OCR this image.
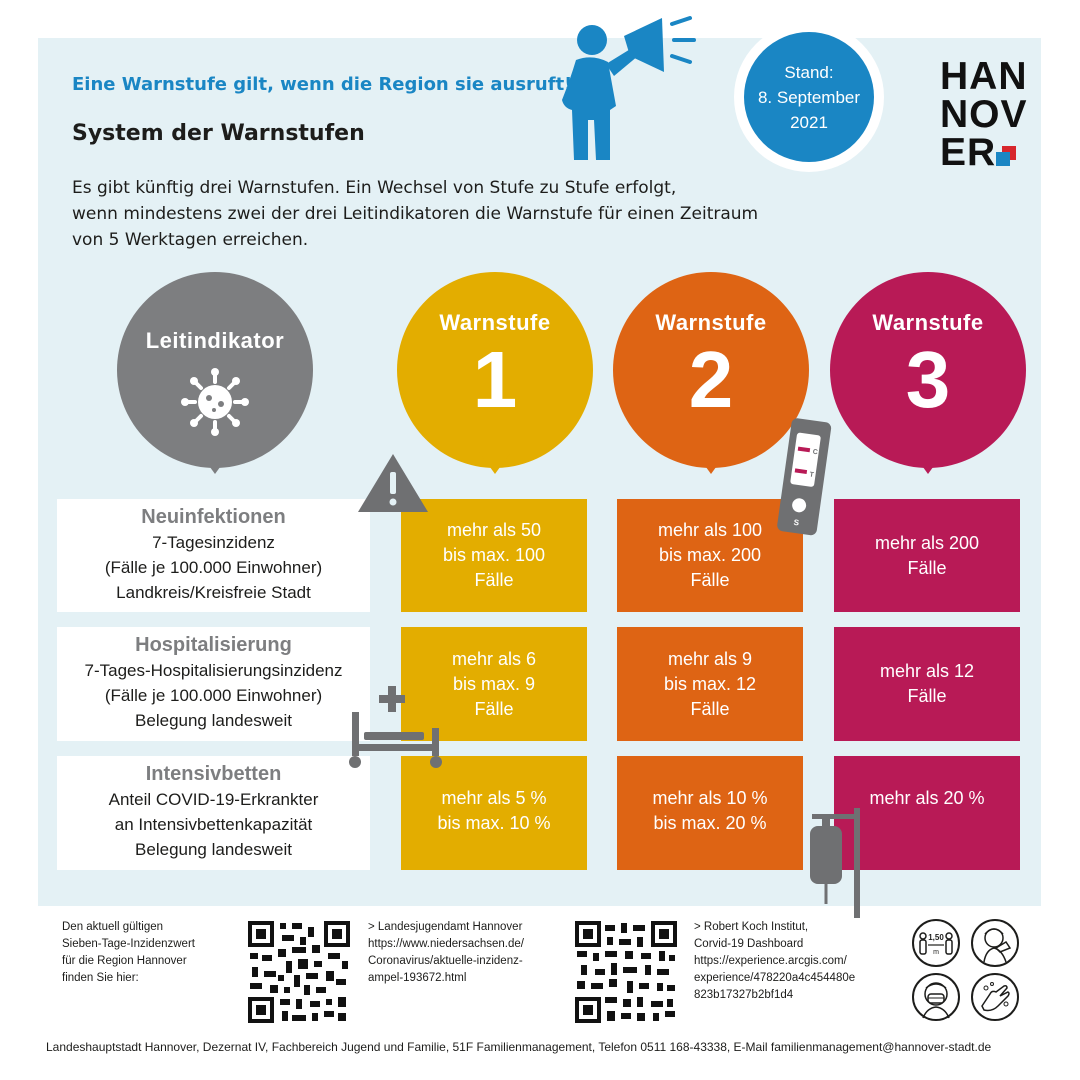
Eine Warnstufe gilt, wenn die Region sie ausruft!
System der Warnstufen
Es gibt künftig drei Warnstufen. Ein Wechsel von Stufe zu Stufe erfolgt,
wenn mindestens zwei der drei Leitindikatoren die Warnstufe für einen Zeitraum
von 5 Werktagen erreichen.
Stand:
8. September
2021
HAN
NOV
ER
Leitindikator
Warnstufe
1
Warnstufe
2
Warnstufe
3
Neuinfektionen
7-Tagesinzidenz
(Fälle je 100.000 Einwohner)
Landkreis/Kreisfreie Stadt
Hospitalisierung
7-Tages-Hospitalisierungsinzidenz
(Fälle je 100.000 Einwohner)
Belegung landesweit
Intensivbetten
Anteil COVID-19-Erkrankter
an Intensivbettenkapazität
Belegung landesweit
mehr als 50
bis max. 100
Fälle
mehr als 100
bis max. 200
Fälle
mehr als 200
Fälle
mehr als 6
bis max. 9
Fälle
mehr als 9
bis max. 12
Fälle
mehr als 12
Fälle
mehr als 5 %
bis max. 10 %
mehr als 10 %
bis max. 20 %
mehr als 20 %
C
T
S
Den aktuell gültigen
Sieben-Tage-Inzidenzwert
für die Region Hannover
finden Sie hier:
> Landesjugendamt Hannover
https://www.niedersachsen.de/
Coronavirus/aktuelle-inzidenz-
ampel-193672.html
> Robert Koch Institut,
Corvid-19 Dashboard
https://experience.arcgis.com/
experience/478220a4c454480e
823b17327b2bf1d4
1,50
m
Landeshauptstadt Hannover, Dezernat IV, Fachbereich Jugend und Familie, 51F Familienmanagement, Telefon 0511 168-43338, E-Mail familienmanagement@hannover-stadt.de
